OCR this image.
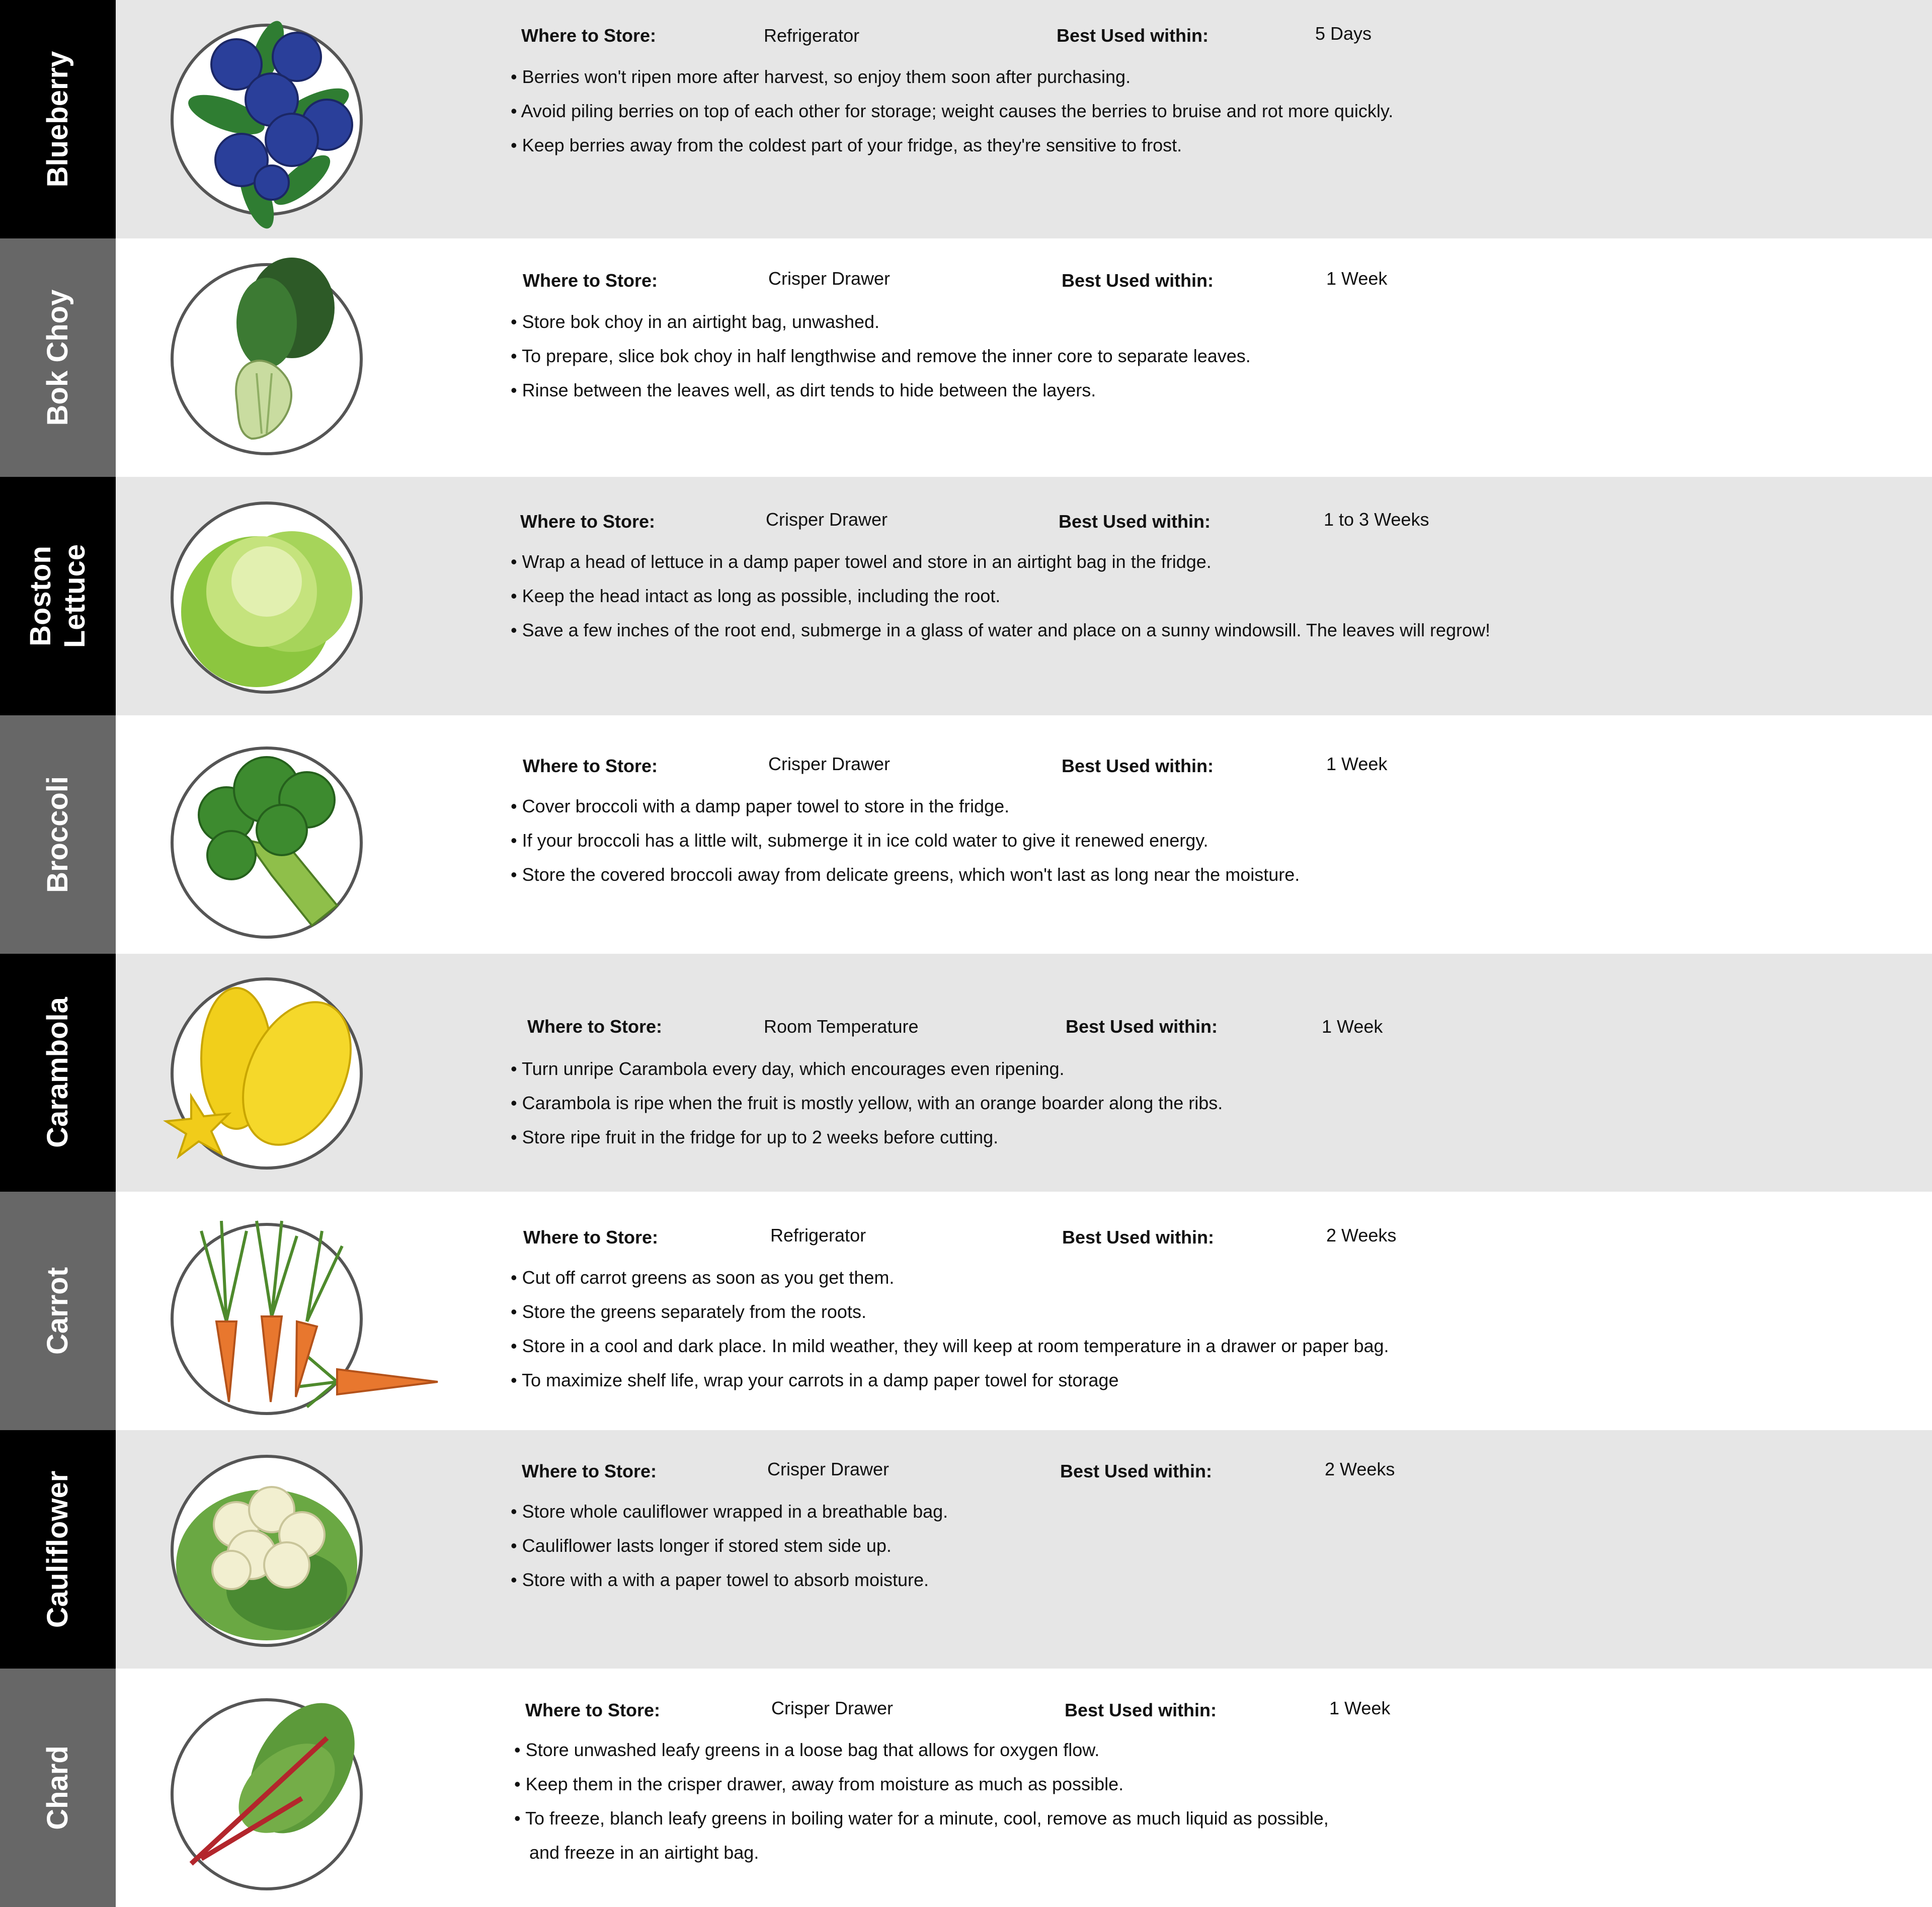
Blueberry
Where to Store:	Refrigerator	Best Used within:	5 Days
• Berries won't ripen more after harvest, so enjoy them soon after purchasing.
• Avoid piling berries on top of each other for storage; weight causes the berries to bruise and rot more quickly.
• Keep berries away from the coldest part of your fridge, as they're sensitive to frost.
Bok Choy
Where to Store:	Crisper Drawer	Best Used within:	1 Week
• Store bok choy in an airtight bag, unwashed.
• To prepare, slice bok choy in half lengthwise and remove the inner core to separate leaves.
• Rinse between the leaves well, as dirt tends to hide between the layers.
Boston
Lettuce
Where to Store:	Crisper Drawer	Best Used within:	1 to 3 Weeks
• Wrap a head of lettuce in a damp paper towel and store in an airtight bag in the fridge.
• Keep the head intact as long as possible, including the root.
• Save a few inches of the root end, submerge in a glass of water and place on a sunny windowsill. The leaves will regrow!
Broccoli
Where to Store:	Crisper Drawer	Best Used within:	1 Week
• Cover broccoli with a damp paper towel to store in the fridge.
• If your broccoli has a little wilt, submerge it in ice cold water to give it renewed energy.
• Store the covered broccoli away from delicate greens, which won't last as long near the moisture.
Carambola	Where to Store:	Room Temperature	Best Used within:	1 Week
• Turn unripe Carambola every day, which encourages even ripening.
• Carambola is ripe when the fruit is mostly yellow, with an orange boarder along the ribs.
• Store ripe fruit in the fridge for up to 2 weeks before cutting.
Carrot
Where to Store:	Refrigerator	Best Used within:	2 Weeks
• Cut off carrot greens as soon as you get them.
• Store the greens separately from the roots.
• Store in a cool and dark place. In mild weather, they will keep at room temperature in a drawer or paper bag.
• To maximize shelf life, wrap your carrots in a damp paper towel for storage
Cauliflower	Where to Store:	Crisper Drawer	Best Used within:	2 Weeks
• Store whole cauliflower wrapped in a breathable bag.
• Cauliflower lasts longer if stored stem side up.
• Store with a with a paper towel to absorb moisture.
Chard
Where to Store:	Crisper Drawer	Best Used within:	1 Week
• Store unwashed leafy greens in a loose bag that allows for oxygen flow.
• Keep them in the crisper drawer, away from moisture as much as possible.
• To freeze, blanch leafy greens in boiling water for a minute, cool, remove as much liquid as possible,
and freeze in an airtight bag.
